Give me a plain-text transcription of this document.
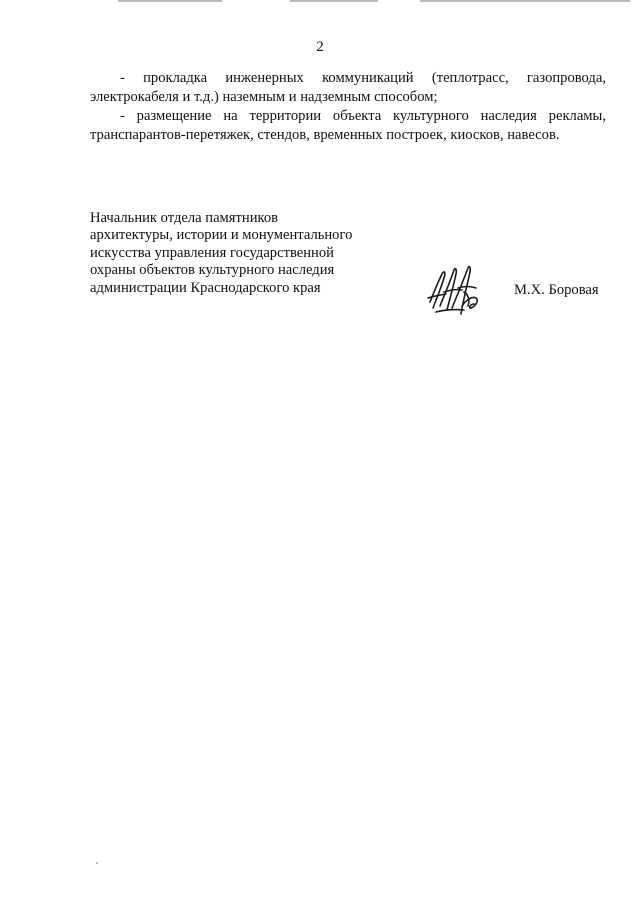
2

- прокладка инженерных коммуникаций (теплотрасс, газопровода, электрокабеля и т.д.) наземным и надземным способом;

- размещение на территории объекта культурного наследия рекламы, транспарантов-перетяжек, стендов, временных построек, киосков, навесов.

Начальник отдела памятников
архитектуры, истории и монументального
искусства управления государственной
охраны объектов культурного наследия
администрации Краснодарского края	М.Х. Боровая
